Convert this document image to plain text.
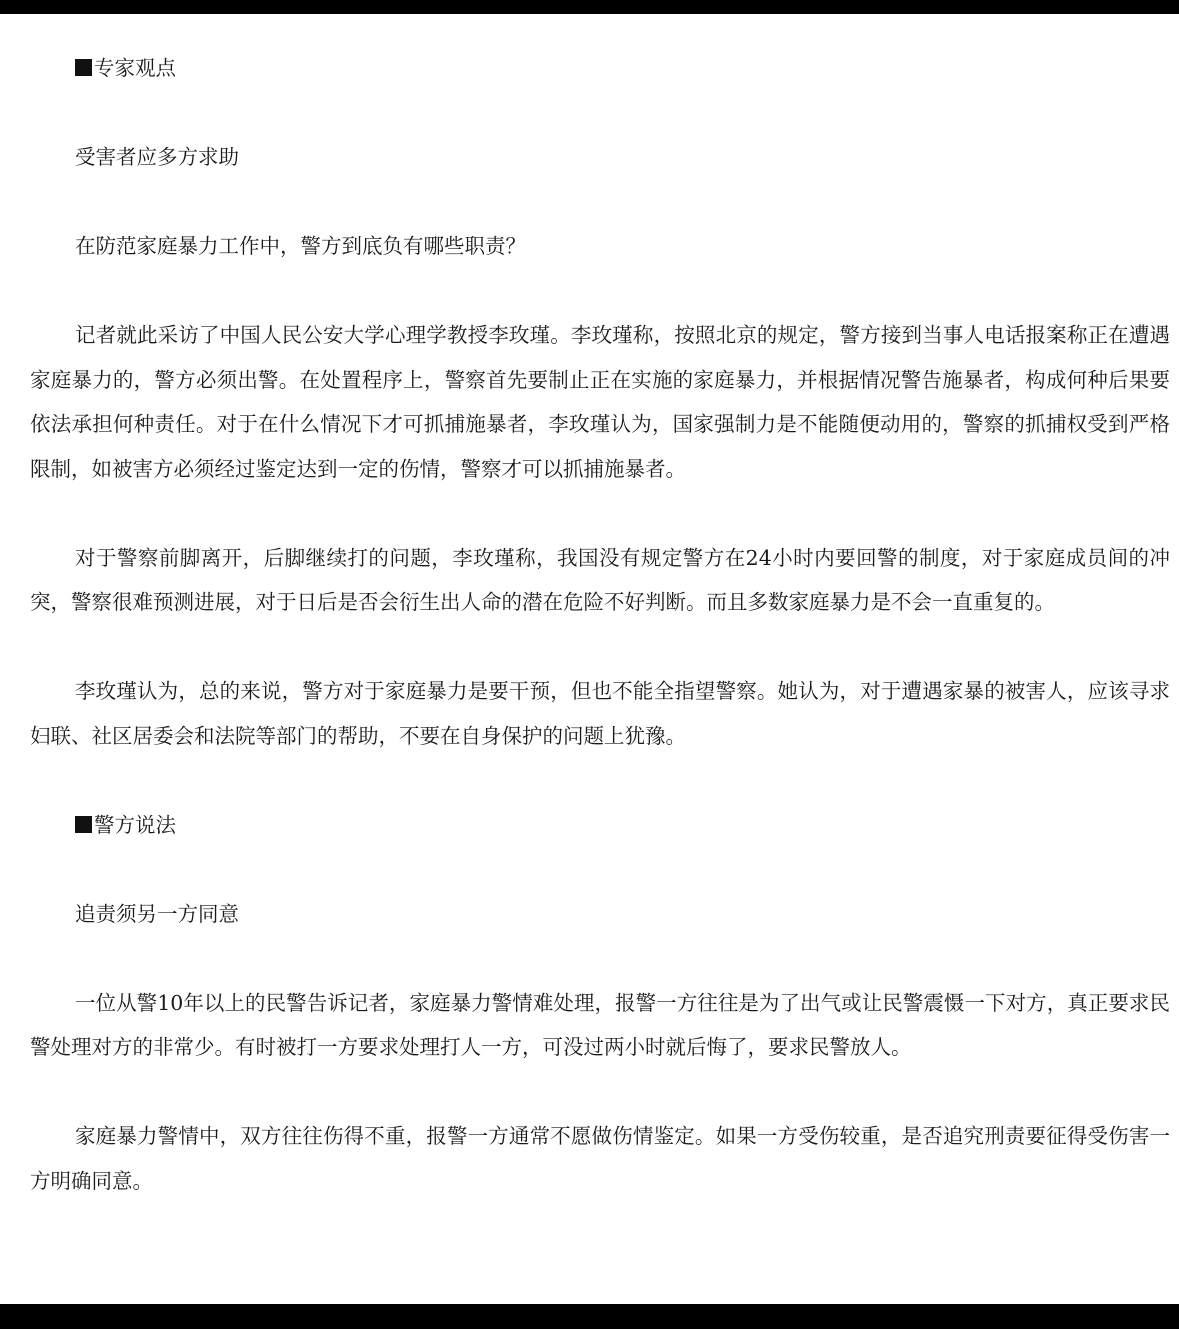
专家观点

受害者应多方求助

在防范家庭暴力工作中，警方到底负有哪些职责？

记者就此采访了中国人民公安大学心理学教授李玫瑾。李玫瑾称，按照北京的规定，警方接到当事人电话报案称正在遭遇家庭暴力的，警方必须出警。在处置程序上，警察首先要制止正在实施的家庭暴力，并根据情况警告施暴者，构成何种后果要依法承担何种责任。对于在什么情况下才可抓捕施暴者，李玫瑾认为，国家强制力是不能随便动用的，警察的抓捕权受到严格限制，如被害方必须经过鉴定达到一定的伤情，警察才可以抓捕施暴者。

对于警察前脚离开，后脚继续打的问题，李玫瑾称，我国没有规定警方在24小时内要回警的制度，对于家庭成员间的冲突，警察很难预测进展，对于日后是否会衍生出人命的潜在危险不好判断。而且多数家庭暴力是不会一直重复的。

李玫瑾认为，总的来说，警方对于家庭暴力是要干预，但也不能全指望警察。她认为，对于遭遇家暴的被害人，应该寻求妇联、社区居委会和法院等部门的帮助，不要在自身保护的问题上犹豫。

警方说法

追责须另一方同意

一位从警10年以上的民警告诉记者，家庭暴力警情难处理，报警一方往往是为了出气或让民警震慑一下对方，真正要求民警处理对方的非常少。有时被打一方要求处理打人一方，可没过两小时就后悔了，要求民警放人。

家庭暴力警情中，双方往往伤得不重，报警一方通常不愿做伤情鉴定。如果一方受伤较重，是否追究刑责要征得受伤害一方明确同意。
